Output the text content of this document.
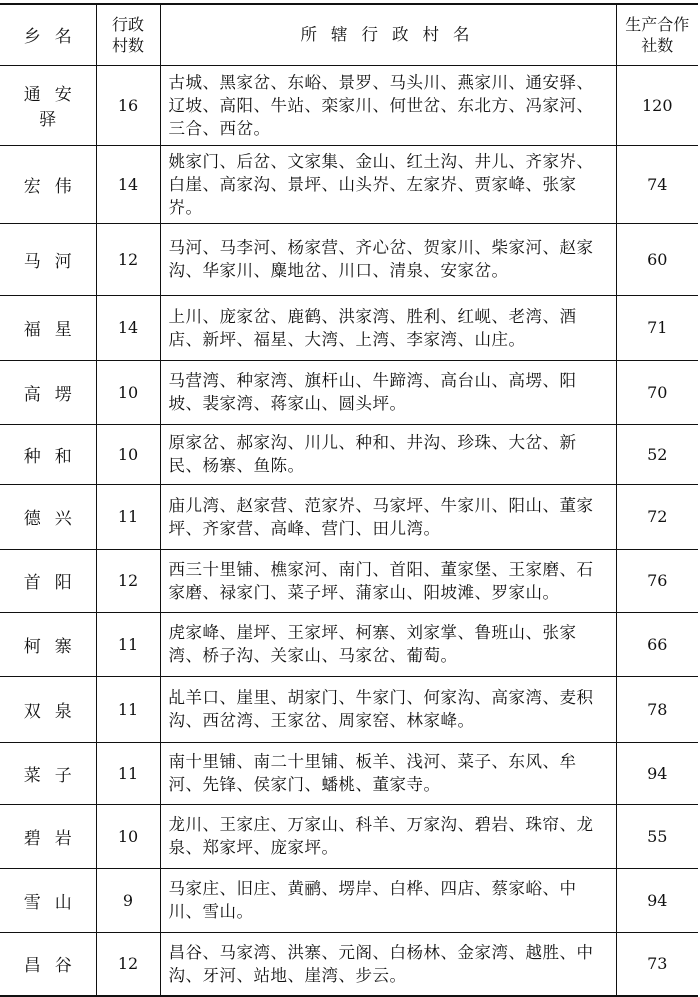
乡名	行政村数	所辖行政村名	生产合作社数

通安驿	16	古城、黑家岔、东峪、景罗、马头川、燕家川、通安驿、辽坡、高阳、牛站、栾家川、何世岔、东北方、冯家河、三合、西岔。	120
宏伟	14	姚家门、后岔、文家集、金山、红土沟、井儿、齐家岕、白崖、高家沟、景坪、山头岕、左家岕、贾家𡶶、张家岕。	74
马河	12	马河、马李河、杨家营、齐心岔、贺家川、柴家河、赵家沟、华家川、麋地岔、川口、清泉、安家岔。	60
福星	14	上川、庞家岔、鹿鹤、洪家湾、胜利、红岘、老湾、酒店、新坪、福星、大湾、上湾、李家湾、山庄。	71
高塄	10	马营湾、种家湾、旗杆山、牛蹄湾、高台山、高塄、阳坡、裴家湾、蒋家山、圆头坪。	70
种和	10	原家岔、郝家沟、川儿、种和、井沟、珍珠、大岔、新民、杨寨、鱼陈。	52
德兴	11	庙儿湾、赵家营、范家岕、马家坪、牛家川、阳山、董家坪、齐家营、高峰、营门、田儿湾。	72
首阳	12	西三十里铺、樵家河、南门、首阳、董家堡、王家磨、石家磨、禄家门、菜子坪、蒲家山、阳坡滩、罗家山。	76
柯寨	11	虎家𡶶、崖坪、王家坪、柯寨、刘家掌、鲁班山、张家湾、桥子沟、关家山、马家岔、葡萄。	66
双泉	11	乩羊口、崖里、胡家门、牛家门、何家沟、高家湾、麦积沟、西岔湾、王家岔、周家窑、林家𡶶。	78
菜子	11	南十里铺、南二十里铺、板羊、浅河、菜子、东风、牟河、先锋、侯家门、蟠桃、董家寺。	94
碧岩	10	龙川、王家庄、万家山、科羊、万家沟、碧岩、珠帘、龙泉、郑家坪、庞家坪。	55
雪山	9	马家庄、旧庄、黄鹂、塄岸、白桦、四店、蔡家峪、中川、雪山。	94
昌谷	12	昌谷、马家湾、洪寨、元阁、白杨林、金家湾、越胜、中沟、牙河、站地、崖湾、步云。	73
